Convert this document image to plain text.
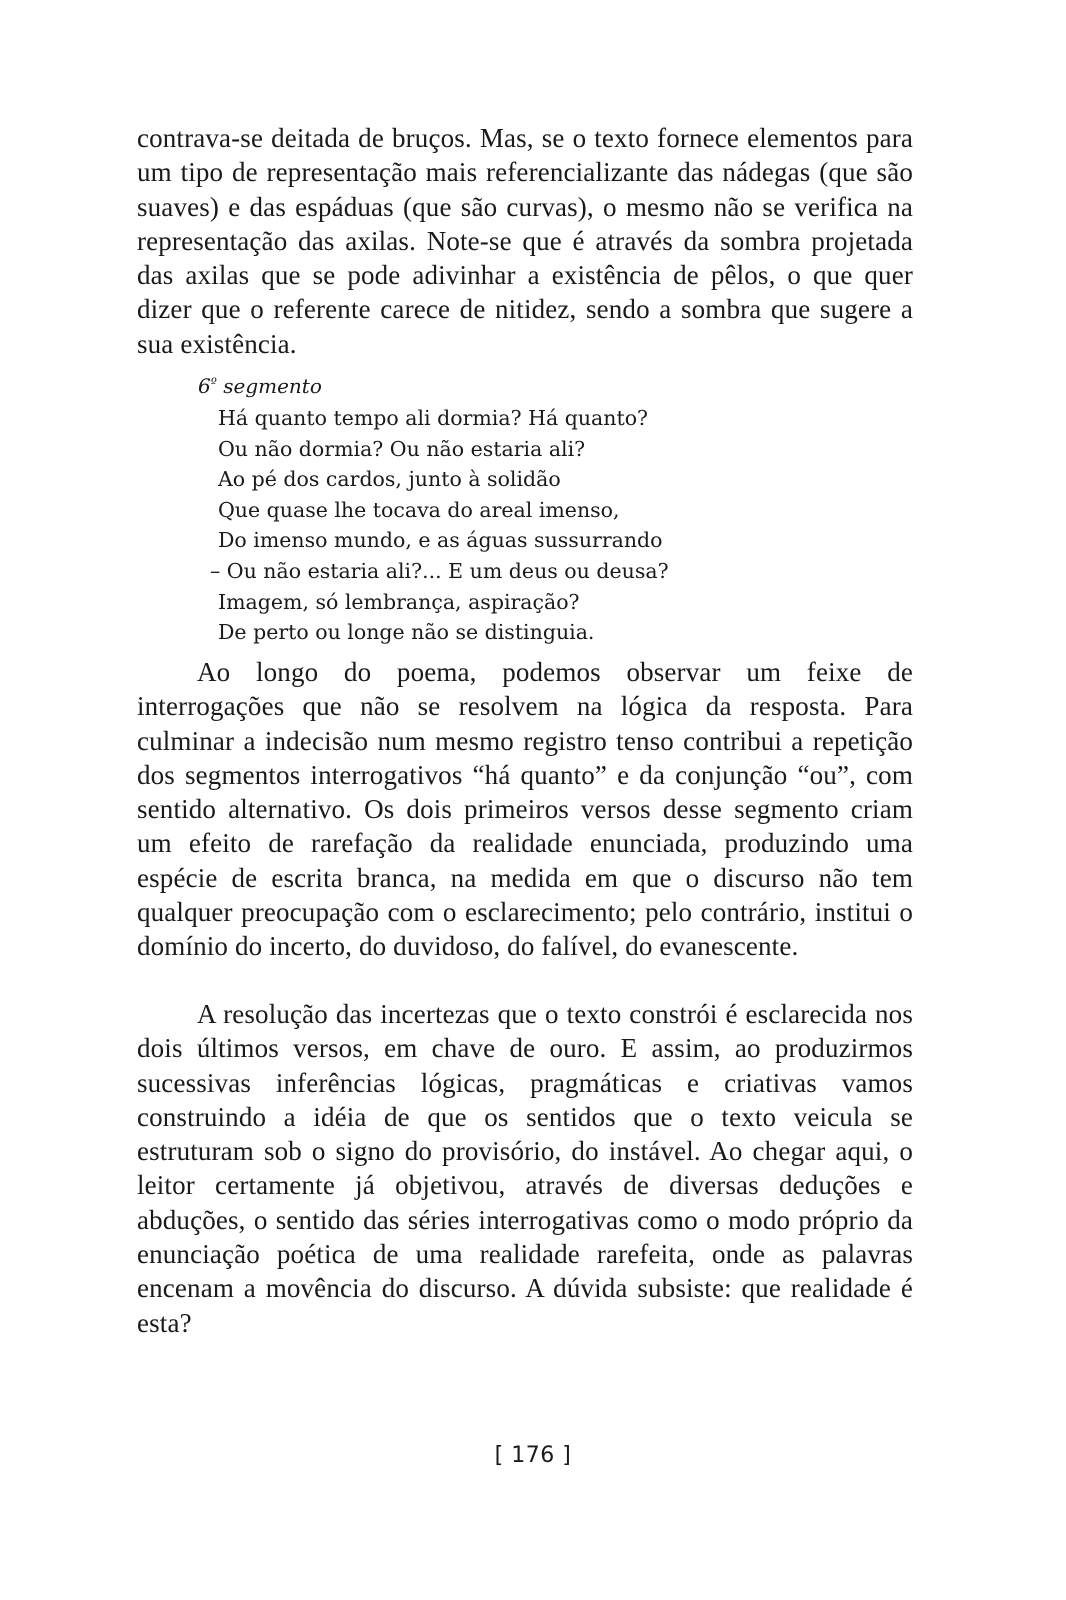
contrava-se deitada de bruços. Mas, se o texto fornece elementos para um tipo de representação mais referencializante das nádegas (que são suaves) e das espáduas (que são curvas), o mesmo não se verifica na representação das axilas. Note-se que é através da sombra projetada das axilas que se pode adivinhar a existência de pêlos, o que quer dizer que o referente carece de nitidez, sendo a sombra que sugere a sua existência.

$6^º$ segmento
Há quanto tempo ali dormia? Há quanto?
Ou não dormia? Ou não estaria ali?
Ao pé dos cardos, junto à solidão
Que quase lhe tocava do areal imenso,
Do imenso mundo, e as águas sussurrando
– Ou não estaria ali?... E um deus ou deusa?
Imagem, só lembrança, aspiração?
De perto ou longe não se distinguia.

Ao longo do poema, podemos observar um feixe de interrogações que não se resolvem na lógica da resposta. Para culminar a indecisão num mesmo registro tenso contribui a repetição dos segmentos interrogativos “há quanto” e da conjunção “ou”, com sentido alternativo. Os dois primeiros versos desse segmento criam um efeito de rarefação da realidade enunciada, produzindo uma espécie de escrita branca, na medida em que o discurso não tem qualquer preocupação com o esclarecimento; pelo contrário, institui o domínio do incerto, do duvidoso, do falível, do evanescente.

A resolução das incertezas que o texto constrói é esclarecida nos dois últimos versos, em chave de ouro. E assim, ao produzirmos sucessivas inferências lógicas, pragmáticas e criativas vamos construindo a idéia de que os sentidos que o texto veicula se estruturam sob o signo do provisório, do instável. Ao chegar aqui, o leitor certamente já objetivou, através de diversas deduções e abduções, o sentido das séries interrogativas como o modo próprio da enunciação poética de uma realidade rarefeita, onde as palavras encenam a movência do discurso. A dúvida subsiste: que realidade é esta?

[ 176 ]
